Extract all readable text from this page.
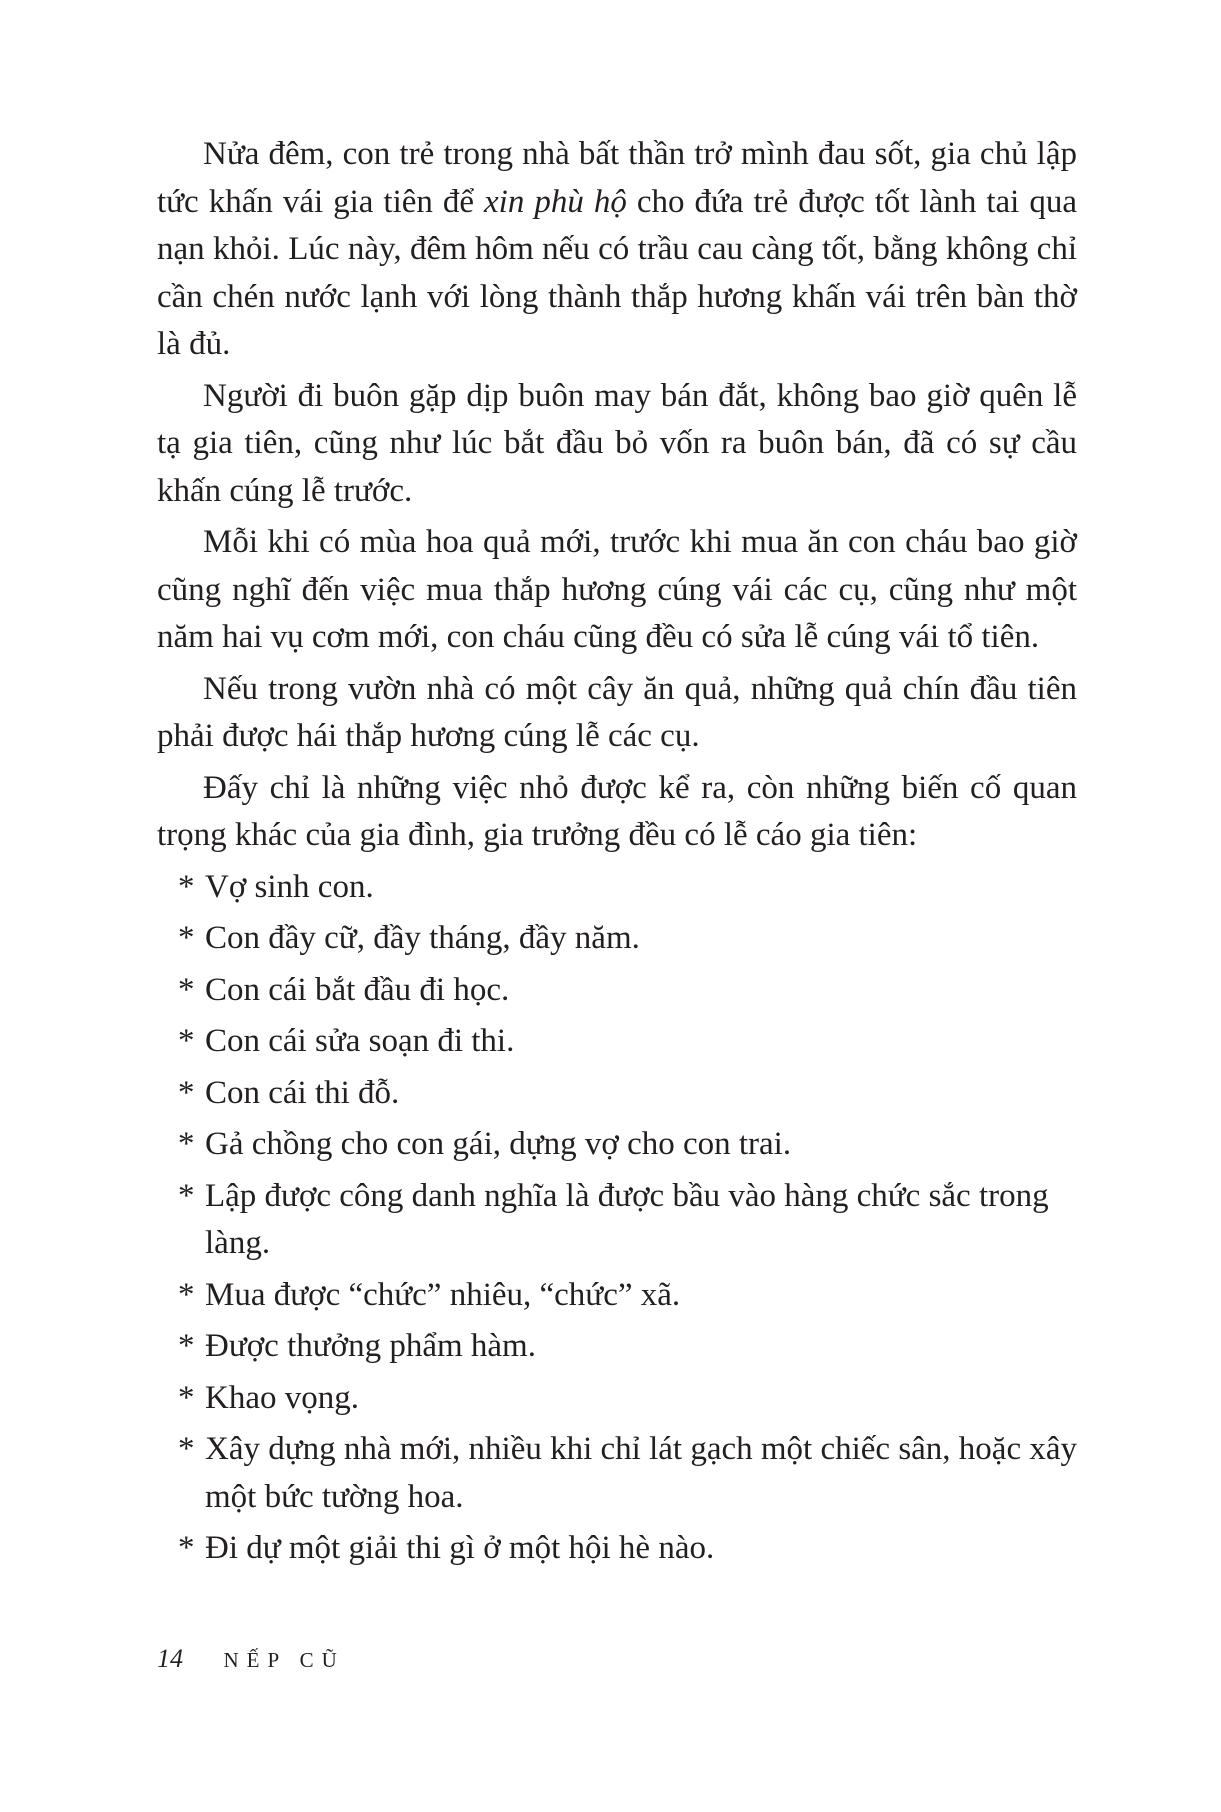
Nửa đêm, con trẻ trong nhà bất thần trở mình đau sốt, gia chủ lập tức khấn vái gia tiên để xin phù hộ cho đứa trẻ được tốt lành tai qua nạn khỏi. Lúc này, đêm hôm nếu có trầu cau càng tốt, bằng không chỉ cần chén nước lạnh với lòng thành thắp hương khấn vái trên bàn thờ là đủ.

Người đi buôn gặp dịp buôn may bán đắt, không bao giờ quên lễ tạ gia tiên, cũng như lúc bắt đầu bỏ vốn ra buôn bán, đã có sự cầu khấn cúng lễ trước.

Mỗi khi có mùa hoa quả mới, trước khi mua ăn con cháu bao giờ cũng nghĩ đến việc mua thắp hương cúng vái các cụ, cũng như một năm hai vụ cơm mới, con cháu cũng đều có sửa lễ cúng vái tổ tiên.

Nếu trong vườn nhà có một cây ăn quả, những quả chín đầu tiên phải được hái thắp hương cúng lễ các cụ.

Đấy chỉ là những việc nhỏ được kể ra, còn những biến cố quan trọng khác của gia đình, gia trưởng đều có lễ cáo gia tiên:

* Vợ sinh con.
* Con đầy cữ, đầy tháng, đầy năm.
* Con cái bắt đầu đi học.
* Con cái sửa soạn đi thi.
* Con cái thi đỗ.
* Gả chồng cho con gái, dựng vợ cho con trai.
* Lập được công danh nghĩa là được bầu vào hàng chức sắc trong làng.
* Mua được “chức” nhiêu, “chức” xã.
* Được thưởng phẩm hàm.
* Khao vọng.
* Xây dựng nhà mới, nhiều khi chỉ lát gạch một chiếc sân, hoặc xây một bức tường hoa.
* Đi dự một giải thi gì ở một hội hè nào.
14 NẾP CŨ
